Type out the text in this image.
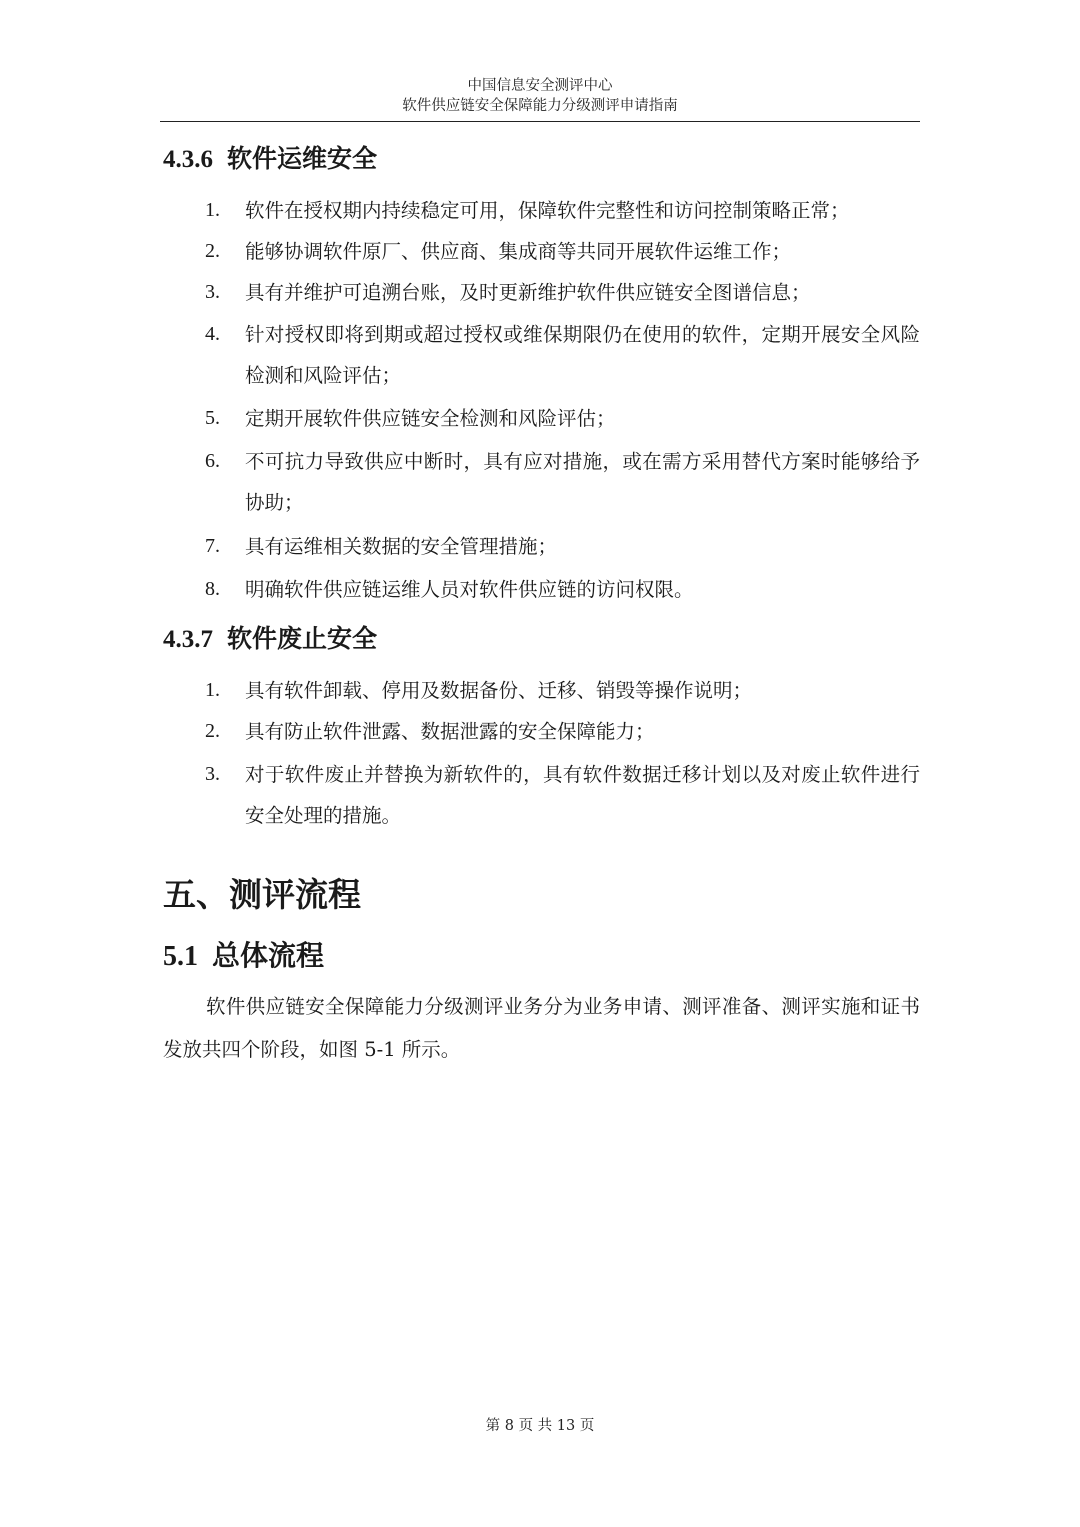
中国信息安全测评中心
软件供应链安全保障能力分级测评申请指南
4.3.6 软件运维安全
1. 软件在授权期内持续稳定可用，保障软件完整性和访问控制策略正常；
2. 能够协调软件原厂、供应商、集成商等共同开展软件运维工作；
3. 具有并维护可追溯台账，及时更新维护软件供应链安全图谱信息；
4. 针对授权即将到期或超过授权或维保期限仍在使用的软件，定期开展安全风险检测和风险评估；
5. 定期开展软件供应链安全检测和风险评估；
6. 不可抗力导致供应中断时，具有应对措施，或在需方采用替代方案时能够给予协助；
7. 具有运维相关数据的安全管理措施；
8. 明确软件供应链运维人员对软件供应链的访问权限。
4.3.7 软件废止安全
1. 具有软件卸载、停用及数据备份、迁移、销毁等操作说明；
2. 具有防止软件泄露、数据泄露的安全保障能力；
3. 对于软件废止并替换为新软件的，具有软件数据迁移计划以及对废止软件进行安全处理的措施。
五、测评流程
5.1 总体流程
软件供应链安全保障能力分级测评业务分为业务申请、测评准备、测评实施和证书发放共四个阶段，如图 5-1 所示。
第 8 页 共 13 页
